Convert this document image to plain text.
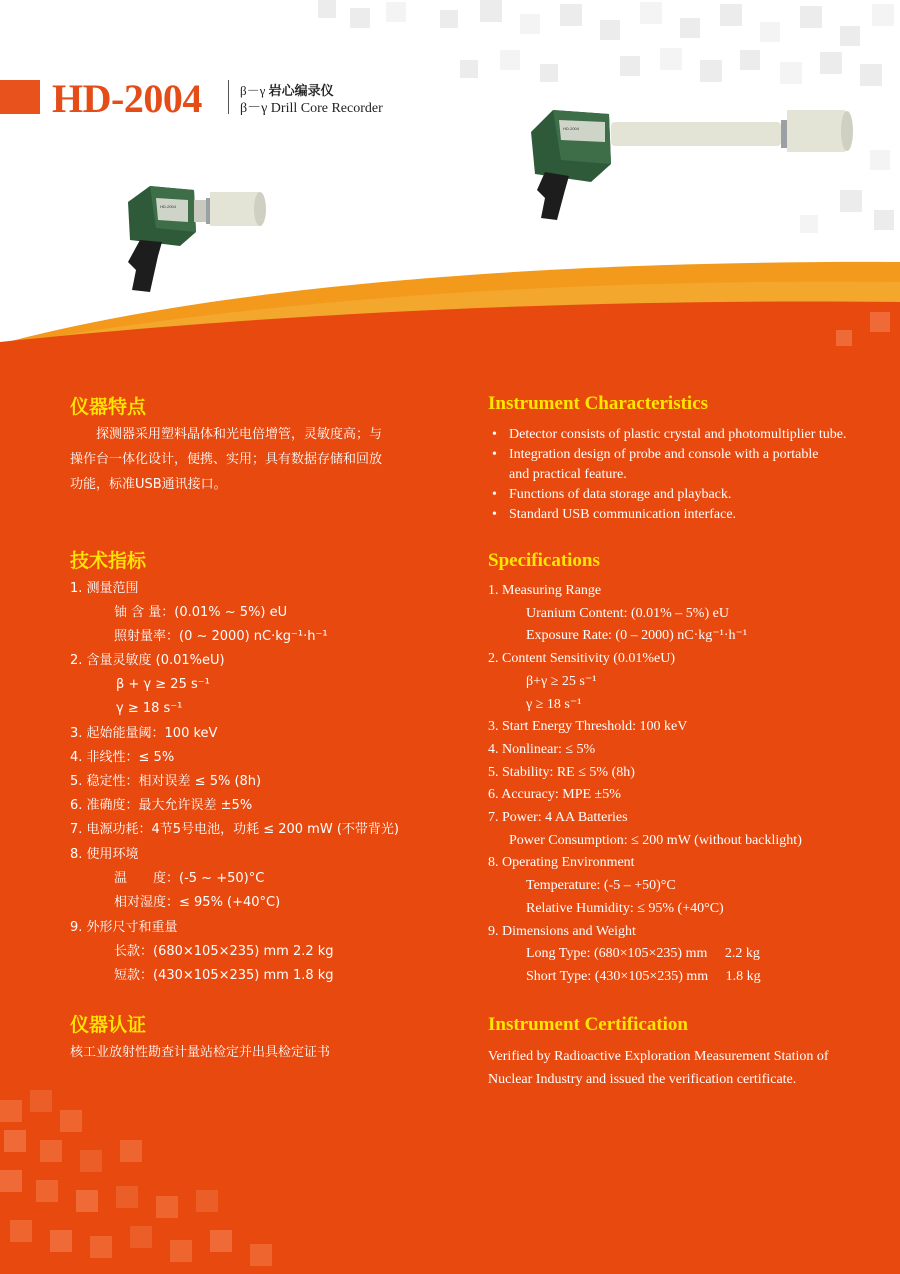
HD-2004	β－γ 岩心编录仪
β－γ Drill Core Recorder
HD-2004
HD-2004
仪器特点
　　探测器采用塑料晶体和光电倍增管，灵敏度高；与
操作台一体化设计，便携、实用；具有数据存储和回放
功能，标准USB通讯接口。
技术指标
1. 测量范围
铀 含 量：(0.01% ~ 5%) eU
照射量率：(0 ~ 2000) nC·kg⁻¹·h⁻¹
2. 含量灵敏度 (0.01%eU)
β + γ ≥ 25 s⁻¹
γ ≥ 18 s⁻¹
3. 起始能量阈：100 keV
4. 非线性：≤ 5%
5. 稳定性：相对误差 ≤ 5% (8h)
6. 准确度：最大允许误差 ±5%
7. 电源功耗：4节5号电池，功耗 ≤ 200 mW (不带背光)
8. 使用环境
温　　度：(-5 ~ +50)°C
相对湿度：≤ 95% (+40°C)
9. 外形尺寸和重量
长款：(680×105×235) mm 2.2 kg
短款：(430×105×235) mm 1.8 kg
仪器认证
核工业放射性勘查计量站检定并出具检定证书
Instrument Characteristics
• Detector consists of plastic crystal and photomultiplier tube.
• Integration design of probe and console with a portable
and practical feature.
• Functions of data storage and playback.
• Standard USB communication interface.
Specifications
1. Measuring Range
Uranium Content: (0.01% – 5%) eU
Exposure Rate: (0 – 2000) nC·kg⁻¹·h⁻¹
2. Content Sensitivity (0.01%eU)
β+γ ≥ 25 s⁻¹
γ ≥ 18 s⁻¹
3. Start Energy Threshold: 100 keV
4. Nonlinear: ≤ 5%
5. Stability: RE ≤ 5% (8h)
6. Accuracy: MPE ±5%
7. Power: 4 AA Batteries
Power Consumption: ≤ 200 mW (without backlight)
8. Operating Environment
Temperature: (-5 – +50)°C
Relative Humidity: ≤ 95% (+40°C)
9. Dimensions and Weight
Long Type: (680×105×235) mm     2.2 kg
Short Type: (430×105×235) mm     1.8 kg
Instrument Certification
Verified by Radioactive Exploration Measurement Station of
Nuclear Industry and issued the verification certificate.
